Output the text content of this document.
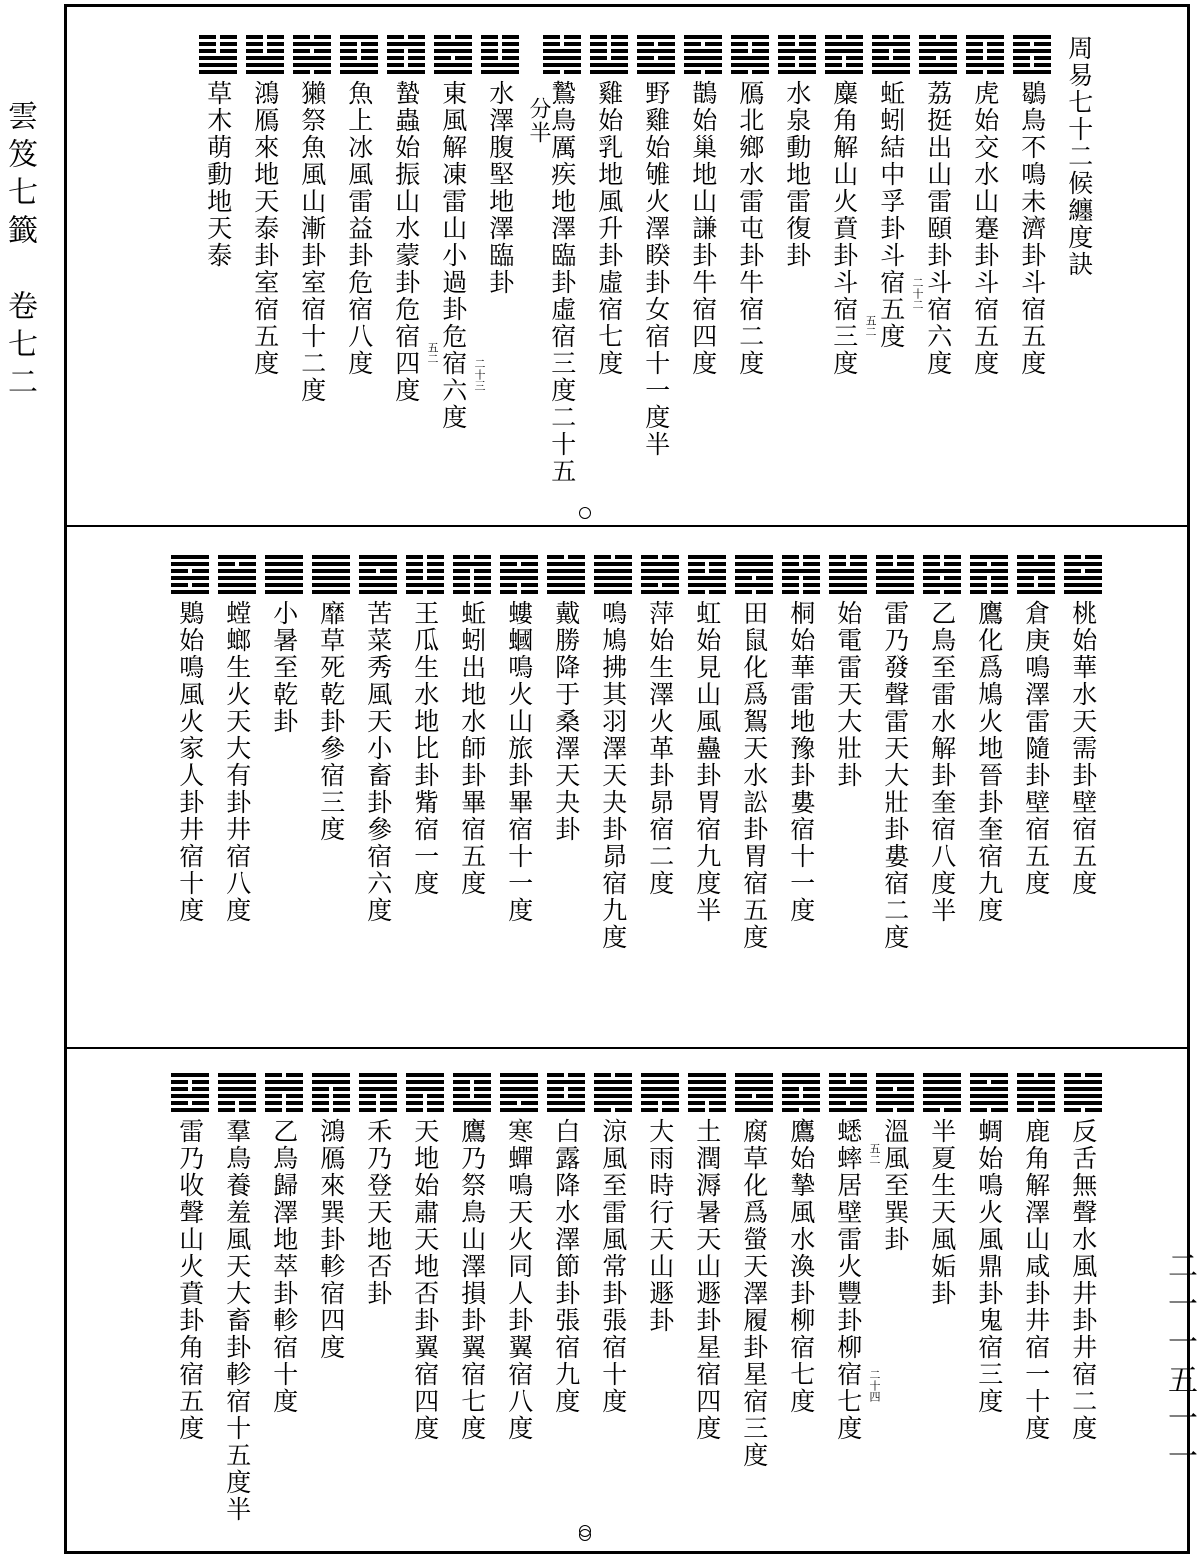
雲笈七籤　卷七二
二一一五一一
周易七十二候纏度訣
鶡鳥不鳴未濟卦斗宿五度
虎始交水山蹇卦斗宿五度
荔挺出山雷頤卦斗宿六度
蚯蚓結中孚卦斗宿五度 二十二
麋角解山火賁卦斗宿三度 五二
水泉動地雷復卦
鴈北鄉水雷屯卦牛宿二度
鵲始巢地山謙卦牛宿四度
野雞始雊火澤睽卦女宿十一度半
雞始乳地風升卦虛宿七度
鷙鳥厲疾地澤臨卦虛宿三度二十五
分半
水澤腹堅地澤臨卦
東風解凍雷山小過卦危宿六度 二十三
蟄蟲始振山水蒙卦危宿四度 五二
魚上冰風雷益卦危宿八度
獺祭魚風山漸卦室宿十二度
鴻鴈來地天泰卦室宿五度
草木萌動地天泰
桃始華水天需卦壁宿五度
倉庚鳴澤雷隨卦壁宿五度
鷹化爲鳩火地晉卦奎宿九度
乙鳥至雷水解卦奎宿八度半
雷乃發聲雷天大壯卦婁宿二度
始電雷天大壯卦
桐始華雷地豫卦婁宿十一度
田鼠化爲鴽天水訟卦胃宿五度
虹始見山風蠱卦胃宿九度半
萍始生澤火革卦昴宿二度
鳴鳩拂其羽澤天夬卦昴宿九度
戴勝降于桑澤天夬卦
螻蟈鳴火山旅卦畢宿十一度
蚯蚓出地水師卦畢宿五度
王瓜生水地比卦觜宿一度
苦菜秀風天小畜卦參宿六度
靡草死乾卦參宿三度
小暑至乾卦
螳螂生火天大有卦井宿八度
鶪始鳴風火家人卦井宿十度
反舌無聲水風井卦井宿二度
鹿角解澤山咸卦井宿一十度
蜩始鳴火風鼎卦鬼宿三度
半夏生天風姤卦
溫風至巽卦
蟋蟀居壁雷火豐卦柳宿七度 二十四
五二
鷹始摯風水渙卦柳宿七度
腐草化爲螢天澤履卦星宿三度
土潤溽暑天山遯卦星宿四度
大雨時行天山遯卦
涼風至雷風常卦張宿十度
白露降水澤節卦張宿九度
寒蟬鳴天火同人卦翼宿八度
鷹乃祭鳥山澤損卦翼宿七度
天地始肅天地否卦翼宿四度
禾乃登天地否卦
鴻鴈來巽卦軫宿四度
乙鳥歸澤地萃卦軫宿十度
羣鳥養羞風天大畜卦軫宿十五度半
雷乃收聲山火賁卦角宿五度
